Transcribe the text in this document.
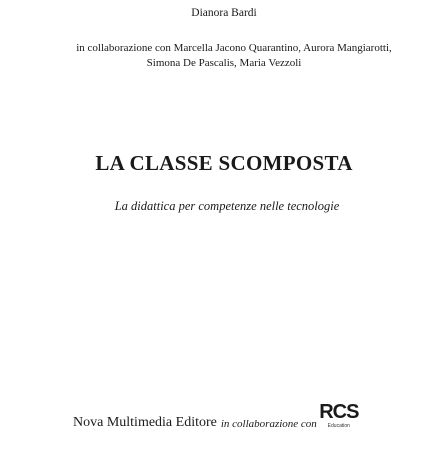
Dianora Bardi
in collaborazione con Marcella Jacono Quarantino, Aurora Mangiarotti,
Simona De Pascalis, Maria Vezzoli
LA CLASSE SCOMPOSTA
La didattica per competenze nelle tecnologie
Nova Multimedia Editore in collaborazione con
RCS
Education
